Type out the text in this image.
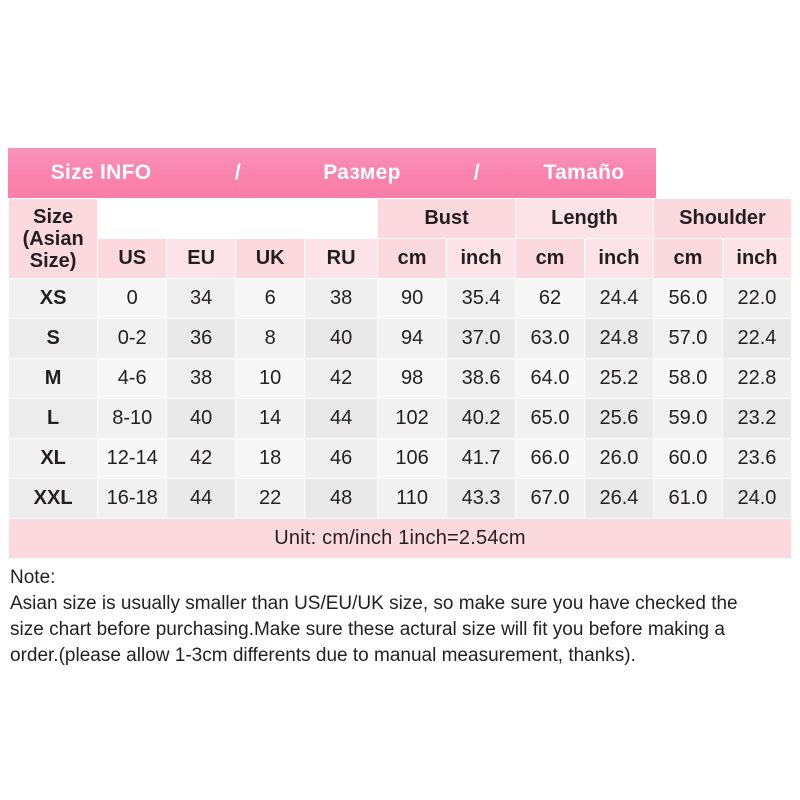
Size INFO	/	Размер	/	Tamaño
Size
(Asian
Size)					Bust		Length		Shoulder	
	US	EU	UK	RU	cm	inch	cm	inch	cm	inch
XS	0	34	6	38	90	35.4	62	24.4	56.0	22.0
S	0-2	36	8	40	94	37.0	63.0	24.8	57.0	22.4
M	4-6	38	10	42	98	38.6	64.0	25.2	58.0	22.8
L	8-10	40	14	44	102	40.2	65.0	25.6	59.0	23.2
XL	12-14	42	18	46	106	41.7	66.0	26.0	60.0	23.6
XXL	16-18	44	22	48	110	43.3	67.0	26.4	61.0	24.0
Unit: cm/inch 1inch=2.54cm										
Note:
Asian size is usually smaller than US/EU/UK size, so make sure you have checked the
size chart before purchasing.Make sure these actural size will fit you before making a
order.(please allow 1-3cm differents due to manual measurement, thanks).
